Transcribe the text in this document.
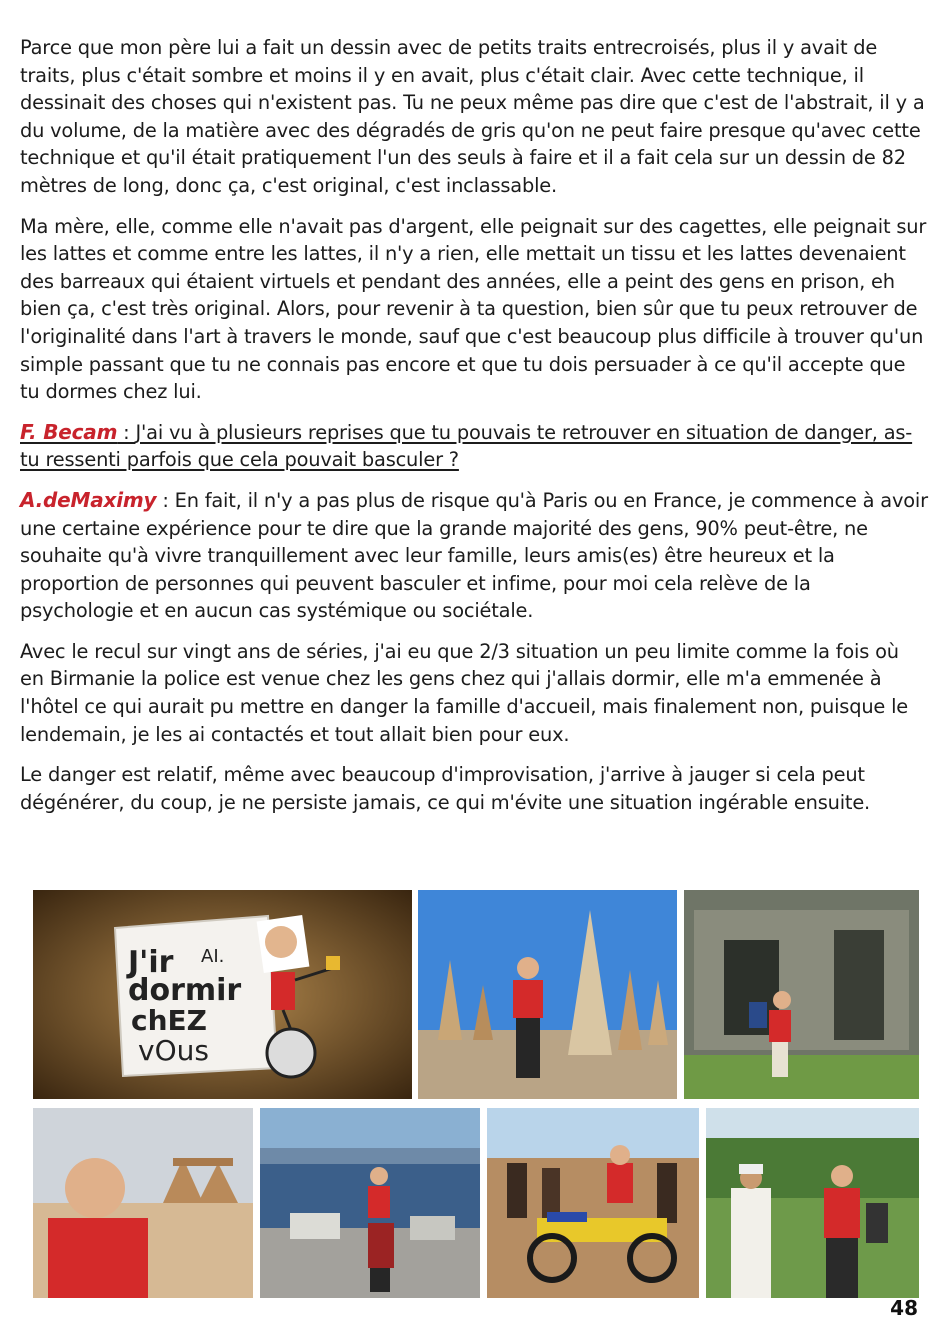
Parce que mon père lui a fait un dessin avec de petits traits entrecroisés, plus il y avait de traits, plus c'était sombre et moins il y en avait, plus c'était clair. Avec cette technique, il dessinait des choses qui n'existent pas. Tu ne peux même pas dire que c'est de l'abstrait, il y a du volume, de la matière avec des dégradés de gris qu'on ne peut faire presque qu'avec cette technique et qu'il était pratiquement l'un des seuls à faire et il a fait cela sur un dessin de 82 mètres de long, donc ça, c'est original, c'est inclassable.

Ma mère, elle, comme elle n'avait pas d'argent, elle peignait sur des cagettes, elle peignait sur les lattes et comme entre les lattes, il n'y a rien, elle mettait un tissu et les lattes devenaient des barreaux qui étaient virtuels et pendant des années, elle a peint des gens en prison, eh bien ça, c'est très original. Alors, pour revenir à ta question, bien sûr que tu peux retrouver de l'originalité dans l'art à travers le monde, sauf que c'est beaucoup plus difficile à trouver qu'un simple passant que tu ne connais pas encore et que tu dois persuader à ce qu'il accepte que tu dormes chez lui.

F. Becam : J'ai vu à plusieurs reprises que tu pouvais te retrouver en situation de danger, as-tu ressenti parfois que cela pouvait basculer ?

A.deMaximy : En fait, il n'y a pas plus de risque qu'à Paris ou en France, je commence à avoir une certaine expérience pour te dire que la grande majorité des gens, 90% peut-être, ne souhaite qu'à vivre tranquillement avec leur famille, leurs amis(es) être heureux et la proportion de personnes qui peuvent basculer et infime, pour moi cela relève de la psychologie et en aucun cas systémique ou sociétale.

Avec le recul sur vingt ans de séries, j'ai eu que 2/3 situation un peu limite comme la fois où en Birmanie la police est venue chez les gens chez qui j'allais dormir, elle m'a emmenée à l'hôtel ce qui aurait pu mettre en danger la famille d'accueil, mais finalement non, puisque le lendemain, je les ai contactés et tout allait bien pour eux.

Le danger est relatif, même avec beaucoup d'improvisation, j'arrive à jauger si cela peut dégénérer, du coup, je ne persiste jamais, ce qui m'évite une situation ingérable ensuite.

J'ir AI.
dormir
chEZ
vOus
48
